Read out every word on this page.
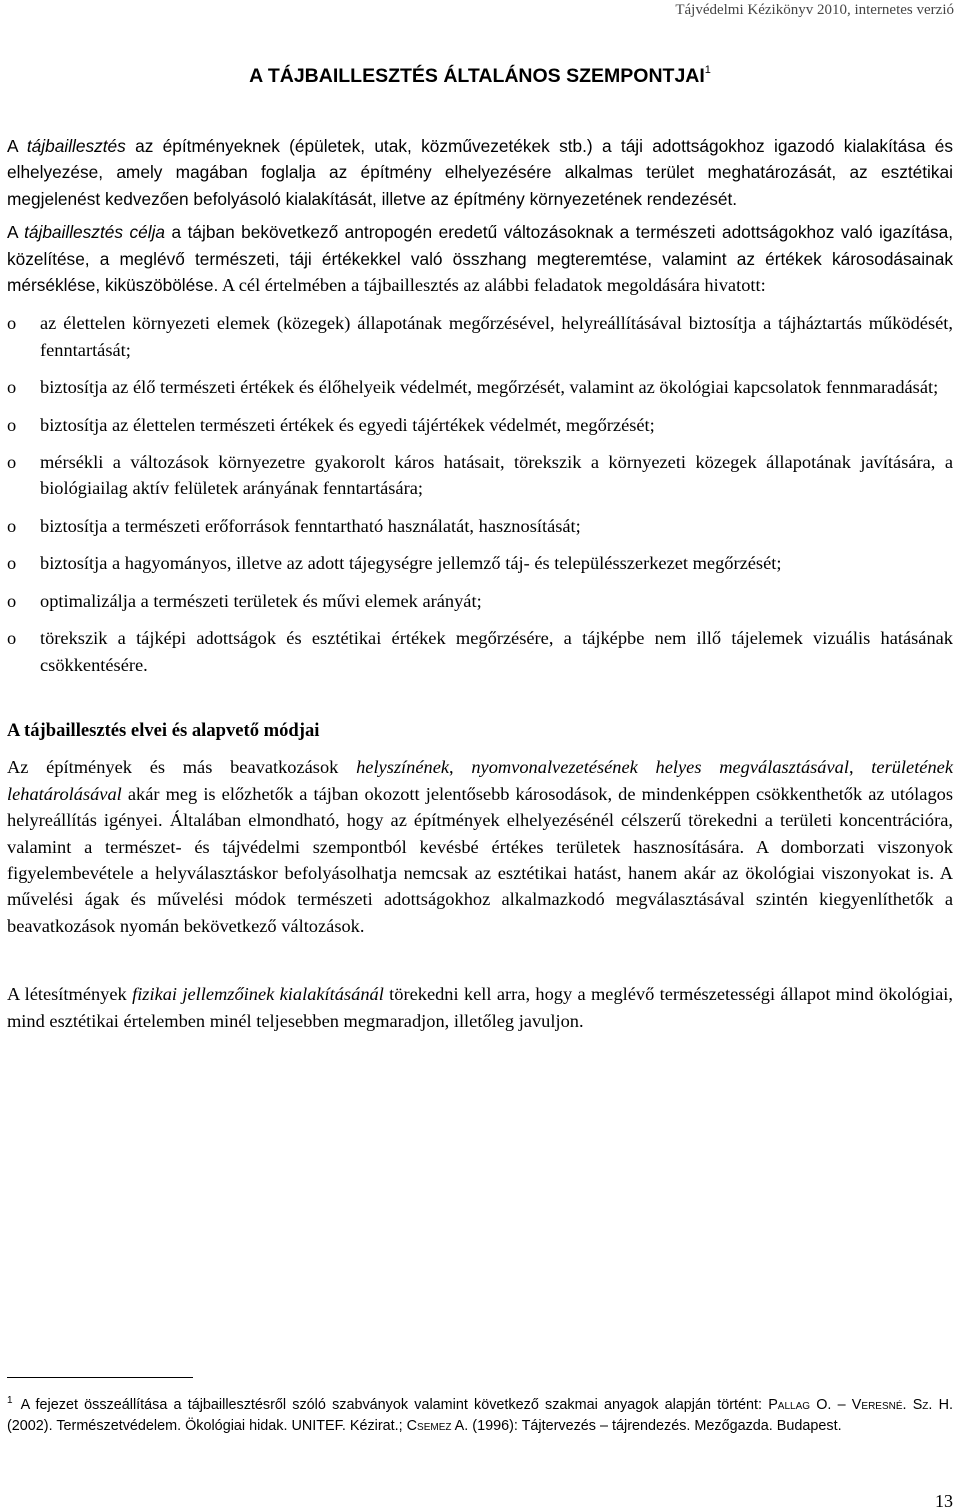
Tájvédelmi Kézikönyv 2010, internetes verzió
A TÁJBAILLESZTÉS ÁLTALÁNOS SZEMPONTJAI$^1$

A tájbaillesztés az építményeknek (épületek, utak, közművezetékek stb.) a táji adottságokhoz igazodó kialakítása és elhelyezése, amely magában foglalja az építmény elhelyezésére alkalmas terület meghatározását, az esztétikai megjelenést kedvezően befolyásoló kialakítását, illetve az építmény környezetének rendezését.

A tájbaillesztés célja a tájban bekövetkező antropogén eredetű változásoknak a természeti adottságokhoz való igazítása, közelítése, a meglévő természeti, táji értékekkel való összhang megteremtése, valamint az értékek károsodásainak mérséklése, kiküszöbölése. A cél értelmében a tájbaillesztés az alábbi feladatok megoldására hivatott:

o az élettelen környezeti elemek (közegek) állapotának megőrzésével, helyreállításával biztosítja a tájháztartás működését, fenntartását;
o biztosítja az élő természeti értékek és élőhelyeik védelmét, megőrzését, valamint az ökológiai kapcsolatok fennmaradását;
o biztosítja az élettelen természeti értékek és egyedi tájértékek védelmét, megőrzését;
o mérsékli a változások környezetre gyakorolt káros hatásait, törekszik a környezeti közegek állapotának javítására, a biológiailag aktív felületek arányának fenntartására;
o biztosítja a természeti erőforrások fenntartható használatát, hasznosítását;
o biztosítja a hagyományos, illetve az adott tájegységre jellemző táj- és településszerkezet megőrzését;
o optimalizálja a természeti területek és művi elemek arányát;
o törekszik a tájképi adottságok és esztétikai értékek megőrzésére, a tájképbe nem illő tájelemek vizuális hatásának csökkentésére.
A tájbaillesztés elvei és alapvető módjai

Az építmények és más beavatkozások helyszínének, nyomvonalvezetésének helyes megválasztásával, területének lehatárolásával akár meg is előzhetők a tájban okozott jelentősebb károsodások, de mindenképpen csökkenthetők az utólagos helyreállítás igényei. Általában elmondható, hogy az építmények elhelyezésénél célszerű törekedni a területi koncentrációra, valamint a természet- és tájvédelmi szempontból kevésbé értékes területek hasznosítására. A domborzati viszonyok figyelembevétele a helyválasztáskor befolyásolhatja nemcsak az esztétikai hatást, hanem akár az ökológiai viszonyokat is. A művelési ágak és művelési módok természeti adottságokhoz alkalmazkodó megválasztásával szintén kiegyenlíthetők a beavatkozások nyomán bekövetkező változások.

A létesítmények fizikai jellemzőinek kialakításánál törekedni kell arra, hogy a meglévő természetességi állapot mind ökológiai, mind esztétikai értelemben minél teljesebben megmaradjon, illetőleg javuljon.

$^1$ A fejezet összeállítása a tájbaillesztésről szóló szabványok valamint következő szakmai anyagok alapján történt: Pallag O. – Veresné. Sz. H. (2002). Természetvédelem. Ökológiai hidak. UNITEF. Kézirat.; Csemez A. (1996): Tájtervezés – tájrendezés. Mezőgazda. Budapest.
13
